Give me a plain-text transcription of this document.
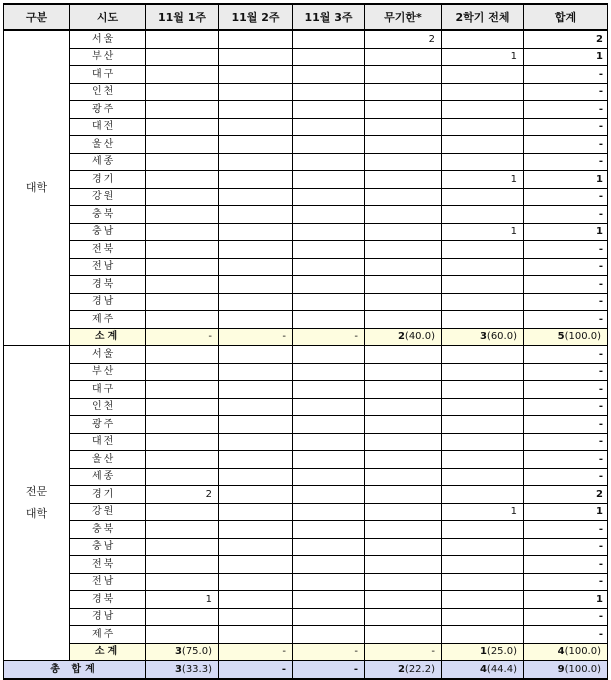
구분	시도	11월 1주	11월 2주	11월 3주	무기한*	2학기 전체	합계
대학	서울				2		2
	부산					1	1
	대구						-
	인천						-
	광주						-
	대전						-
	울산						-
	세종						-
	경기					1	1
	강원						-
	충북						-
	충남					1	1
	전북						-
	전남						-
	경북						-
	경남						-
	제주						-
	소계	-	-	-	2(40.0)	3(60.0)	5(100.0)

전문
대학	서울						-
	부산						-
	대구						-
	인천						-
	광주						-
	대전						-
	울산						-
	세종						-
	경기	2					2
	강원					1	1
	충북						-
	충남						-
	전북						-
	전남						-
	경북	1					1
	경남						-
	제주						-
	소계	3(75.0)	-	-	-	1(25.0)	4(100.0)
총 합계		3(33.3)	-	-	2(22.2)	4(44.4)	9(100.0)
